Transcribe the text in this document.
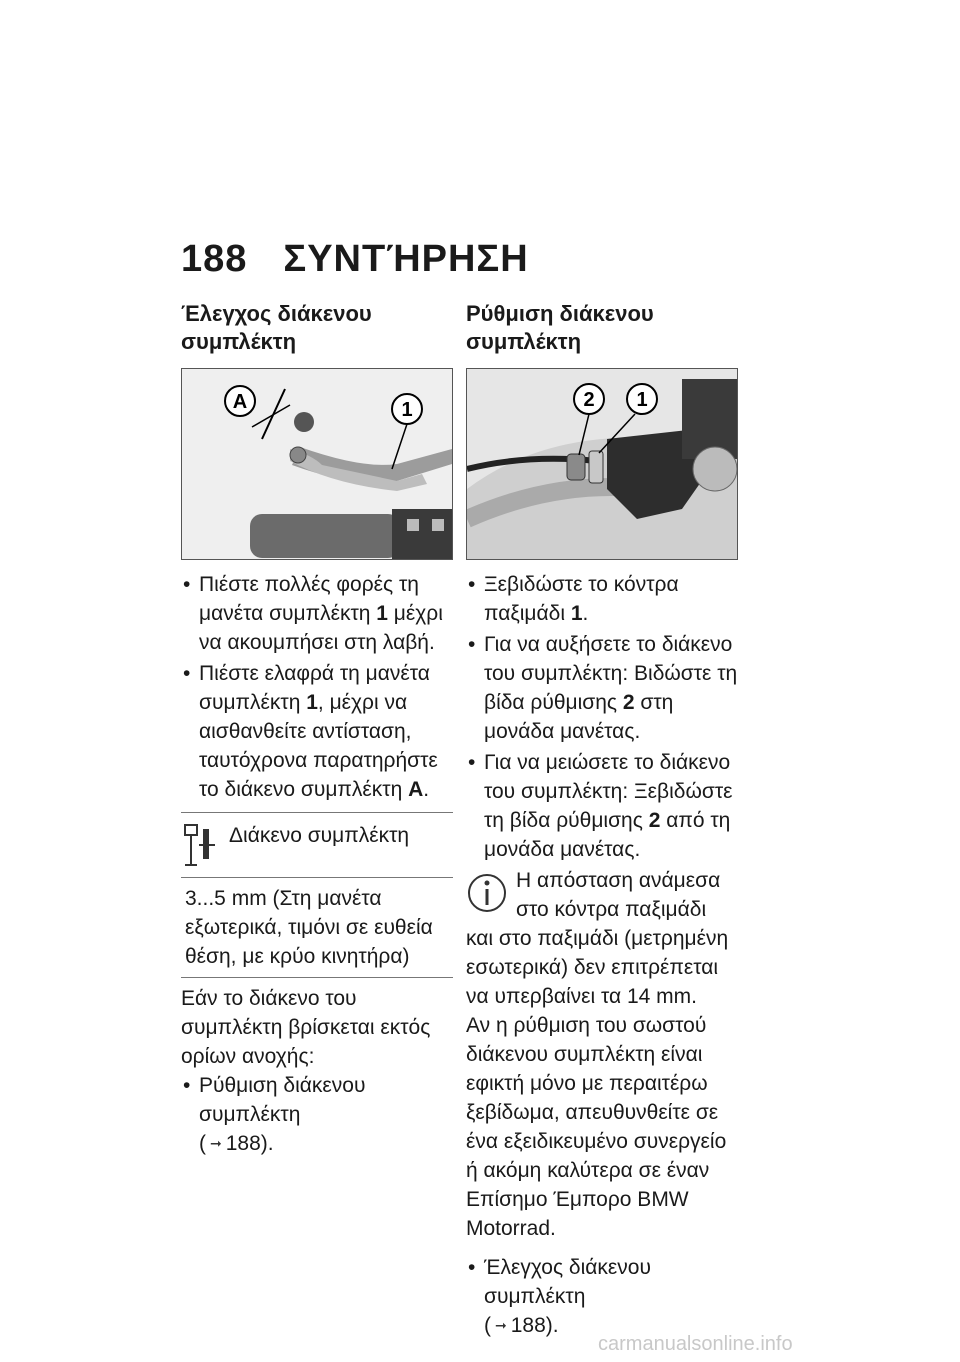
188 ΣΥΝΤΉΡΗΣΗ
Έλεγχος διάκενου συμπλέκτη
A	1
• Πιέστε πολλές φορές τη μανέτα συμπλέκτη 1 μέχρι να ακουμπήσει στη λαβή.
• Πιέστε ελαφρά τη μανέτα συμπλέκτη 1, μέχρι να αισθανθείτε αντίσταση, ταυτόχρονα παρατηρήστε το διάκενο συμπλέκτη A.
Διάκενο συμπλέκτη
3...5 mm (Στη μανέτα εξωτερικά, τιμόνι σε ευθεία θέση, με κρύο κινητήρα)

Εάν το διάκενο του συμπλέκτη βρίσκεται εκτός ορίων ανοχής:

• Ρύθμιση διάκενου συμπλέκτη
( ➞ 188).
Ρύθμιση διάκενου συμπλέκτη
2 1
• Ξεβιδώστε το κόντρα παξιμάδι 1.
• Για να αυξήσετε το διάκενο του συμπλέκτη: Βιδώστε τη βίδα ρύθμισης 2 στη μονάδα μανέτας.
• Για να μειώσετε το διάκενο του συμπλέκτη: Ξεβιδώστε τη βίδα ρύθμισης 2 από τη μονάδα μανέτας.

Η απόσταση ανάμεσα στο κόντρα παξιμάδι και στο παξιμάδι (μετρημένη εσωτερικά) δεν επιτρέπεται να υπερβαίνει τα 14 mm.

Αν η ρύθμιση του σωστού διάκενου συμπλέκτη είναι εφικτή μόνο με περαιτέρω ξεβίδωμα, απευθυνθείτε σε ένα εξειδικευμένο συνεργείο ή ακόμη καλύτερα σε έναν Επίσημο Έμπορο BMW Motorrad.

• Έλεγχος διάκενου συμπλέκτη
( ➞ 188).
carmanualsonline.info
